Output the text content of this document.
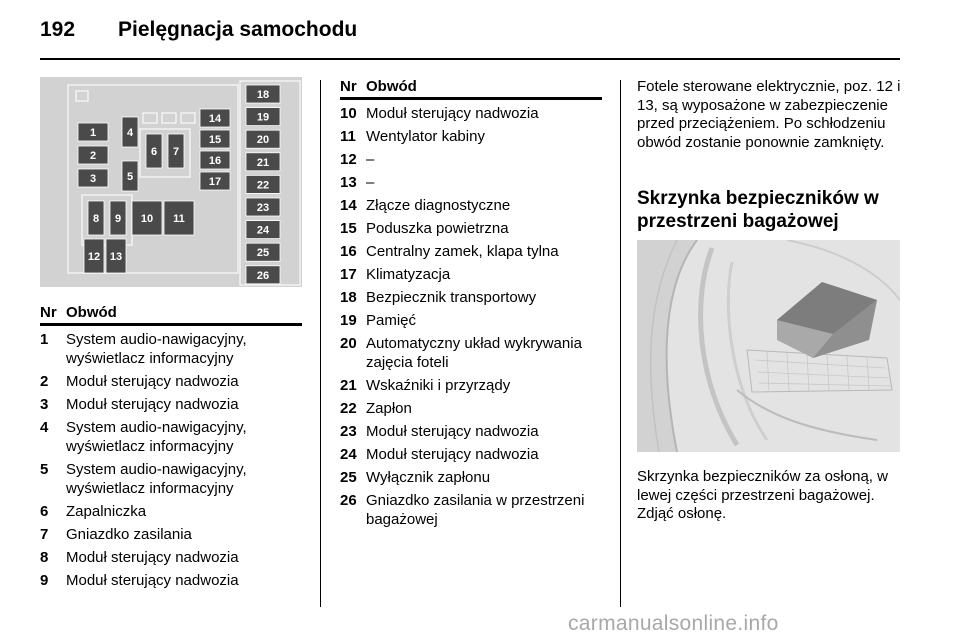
192 Pielęgnacja samochodu
1
2
3
4
5
6 7
8 9 10 11
12 13
14
15
16
17
18
19
20
21
22
23
24
25
26
Nr Obwód
1	System audio-nawigacyjny, wyświetlacz informacyjny
2	Moduł sterujący nadwozia
3	Moduł sterujący nadwozia
4	System audio-nawigacyjny, wyświetlacz informacyjny
5	System audio-nawigacyjny, wyświetlacz informacyjny
6	Zapalniczka
7	Gniazdko zasilania
8	Moduł sterujący nadwozia
9	Moduł sterujący nadwozia
Nr Obwód
10 Moduł sterujący nadwozia
11 Wentylator kabiny
12 –
13 –
14 Złącze diagnostyczne
15 Poduszka powietrzna
16 Centralny zamek, klapa tylna
17 Klimatyzacja
18 Bezpiecznik transportowy
19 Pamięć
20 Automatyczny układ wykrywania zajęcia foteli
21 Wskaźniki i przyrządy
22 Zapłon
23 Moduł sterujący nadwozia
24 Moduł sterujący nadwozia
25 Wyłącznik zapłonu
26 Gniazdko zasilania w przestrzeni bagażowej

Fotele sterowane elektrycznie, poz. 12 i 13, są wyposażone w zabezpieczenie przed przeciążeniem. Po schłodzeniu obwód zostanie ponownie zamknięty.

Skrzynka bezpieczników w przestrzeni bagażowej

Skrzynka bezpieczników za osłoną, w lewej części przestrzeni bagażowej. Zdjąć osłonę.

carmanualsonline.info
